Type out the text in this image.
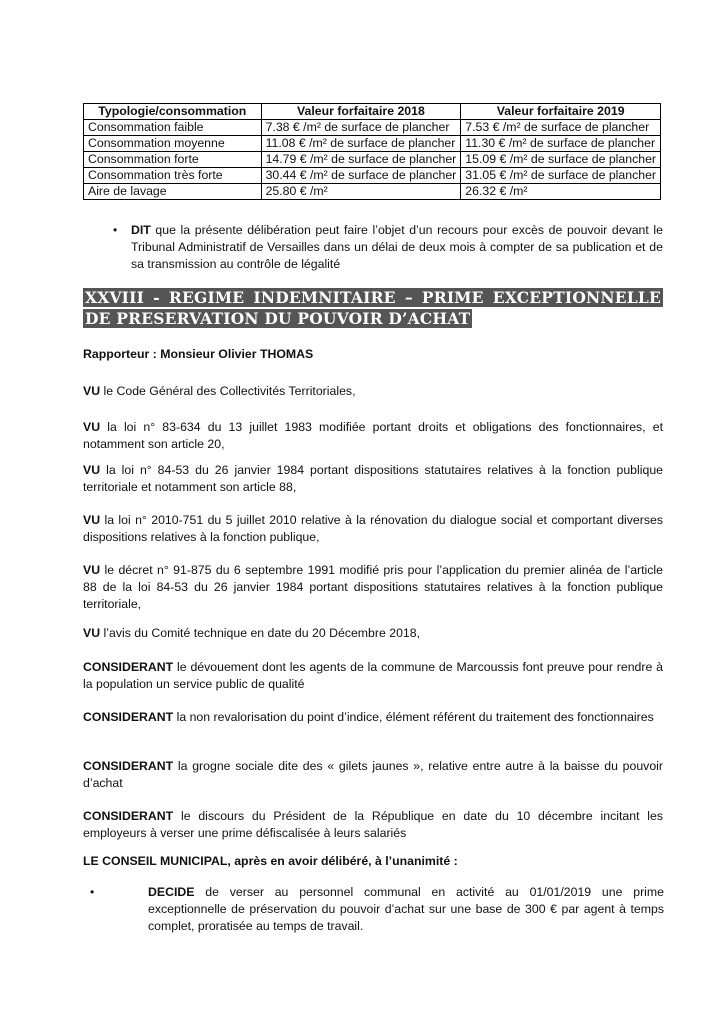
Typologie/consommation	Valeur forfaitaire 2018	Valeur forfaitaire 2019
Consommation faible	7.38 € /m² de surface de plancher	7.53 € /m² de surface de plancher
Consommation moyenne	11.08 € /m² de surface de plancher	11.30 € /m² de surface de plancher
Consommation forte	14.79 € /m² de surface de plancher	15.09 € /m² de surface de plancher
Consommation très forte	30.44 € /m² de surface de plancher	31.05 € /m² de surface de plancher
Aire de lavage	25.80 € /m²	26.32 € /m²
•	DIT que la présente délibération peut faire l’objet d’un recours pour excès de pouvoir devant le Tribunal Administratif de Versailles dans un délai de deux mois à compter de sa publication et de sa transmission au contrôle de légalité
XXVIII - REGIME INDEMNITAIRE – PRIME EXCEPTIONNELLE DE PRESERVATION DU POUVOIR D’ACHAT
Rapporteur : Monsieur Olivier THOMAS
VU le Code Général des Collectivités Territoriales,
VU la loi n° 83-634 du 13 juillet 1983 modifiée portant droits et obligations des fonctionnaires, et notamment son article 20,
VU la loi n° 84-53 du 26 janvier 1984 portant dispositions statutaires relatives à la fonction publique territoriale et notamment son article 88,
VU la loi n° 2010-751 du 5 juillet 2010 relative à la rénovation du dialogue social et comportant diverses dispositions relatives à la fonction publique,
VU le décret n° 91-875 du 6 septembre 1991 modifié pris pour l’application du premier alinéa de l’article 88 de la loi 84-53 du 26 janvier 1984 portant dispositions statutaires relatives à la fonction publique territoriale,
VU l’avis du Comité technique en date du 20 Décembre 2018,
CONSIDERANT le dévouement dont les agents de la commune de Marcoussis font preuve pour rendre à la population un service public de qualité
CONSIDERANT la non revalorisation du point d’indice, élément référent du traitement des fonctionnaires
CONSIDERANT la grogne sociale dite des « gilets jaunes », relative entre autre à la baisse du pouvoir d’achat
CONSIDERANT le discours du Président de la République en date du 10 décembre incitant les employeurs à verser une prime défiscalisée à leurs salariés
LE CONSEIL MUNICIPAL, après en avoir délibéré, à l’unanimité :
•	DECIDE de verser au personnel communal en activité au 01/01/2019 une prime exceptionnelle de préservation du pouvoir d’achat sur une base de 300 € par agent à temps complet, proratisée au temps de travail.
